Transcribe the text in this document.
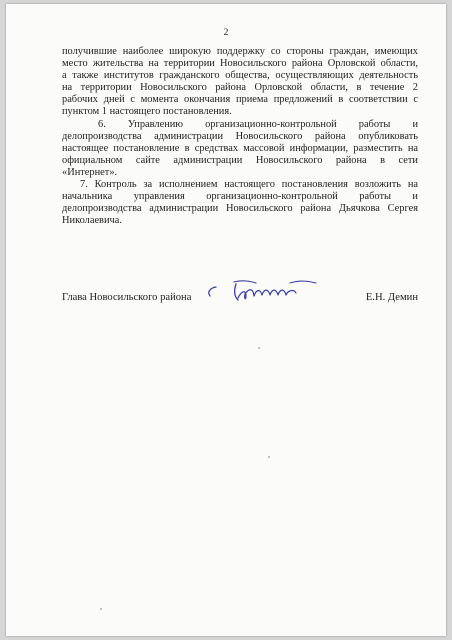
2
получившие наиболее широкую поддержку со стороны граждан, имеющих
место жительства на территории Новосильского района Орловской области,
а также институтов гражданского общества, осуществляющих деятельность
на территории Новосильского района Орловской области, в течение 2
рабочих дней с момента окончания приема предложений в соответствии с
пунктом 1 настоящего постановления.
6. Управлению организационно-контрольной работы и
делопроизводства администрации Новосильского района опубликовать
настоящее постановление в средствах массовой информации, разместить на
официальном сайте администрации Новосильского района в сети
«Интернет».
7. Контроль за исполнением настоящего постановления возложить на
начальника управления организационно-контрольной работы и
делопроизводства администрации Новосильского района Дьячкова Сергея
Николаевича.
Глава Новосильского района	Е.Н. Демин
